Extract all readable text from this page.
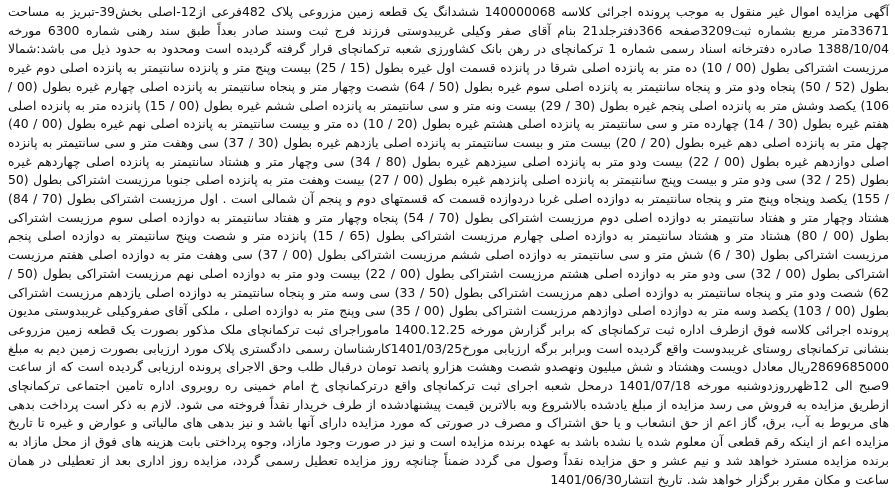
آگهی مزایده اموال غیر منقول به موجب پرونده اجرائی کلاسه 140000068 ششدانگ یک قطعه زمین مزروعی پلاک 482فرعی از12-اصلی بخش39-تبریز به مساحت 33671متر مربع بشماره ثبت3209صفحه 366دفترجلد21 بنام آقای صفر وکیلی غریبدوستی فرزند فرج ثبت وسند صادر بعداً طبق سند رهنی شماره 6300 مورخه 1388/10/04 صادره دفترخانه اسناد رسمی شماره 1 ترکمانچای در رهن بانک کشاورزی شعبه ترکمانچای قرار گرفته گردیده است ومحدود به حدود ذیل می باشد:شمالا مرزیست اشتراکی بطول (00 / 10) ده متر به پانزده اصلی شرقا در پانزده قسمت اول غیره بطول (15 / 25) بیست وپنج متر و پانزده سانتیمتر به پانزده اصلی دوم غیره بطول (52 / 50) پنجاه ودو متر و پنجاه سانتیمتر به پانزده اصلی سوم غیره بطول (50 / 64) شصت وچهار متر و پنجاه سانتیمتر به پانزده اصلی چهارم غیره بطول (00 / 106) یکصد وشش متر به پانزده اصلی پنجم غیره بطول (30 / 29) بیست ونه متر و سی سانتیمتر به پانزده اصلی ششم غیره بطول (00 / 15) پانزده متر به پانزده اصلی هفتم غیره بطول (30 / 14) چهارده متر و سی سانتیمتر به پانزده اصلی هشتم غیره بطول (20 / 10) ده متر و بیست سانتیمتر به پانزده اصلی نهم غیره بطول (00 / 40) چهل متر به پانزده اصلی دهم غیره بطول (20 / 20) بیست متر و بیست سانتیمتر به پانزده اصلی یازدهم غیره بطول (30 / 37) سی وهفت متر و سی سانتیمتر به پانزده اصلی دوازدهم غیره بطول (00 / 22) بیست ودو متر به پانزده اصلی سیزدهم غیره بطول (80 / 34) سی وچهار متر و هشتاد سانتیمتر به پانزده اصلی چهاردهم غیره بطول (25 / 32) سی ودو متر و بیست وپنج سانتیمتر به پانزده اصلی پانزدهم غیره بطول (00 / 27) بیست وهفت متر به پانزده اصلی جنوبا مرزیست اشتراکی بطول (50 / 155) یکصد وپنجاه وپنج متر و پنجاه سانتیمتر به دوازده اصلی غربا دردوازده قسمت که قسمتهای دوم و پنجم آن شمالی است . اول مرزیست اشتراکی بطول (70 / 84) هشتاد وچهار متر و هفتاد سانتیمتر به دوازده اصلی دوم مرزیست اشتراکی بطول (70 / 54) پنجاه وچهار متر و هفتاد سانتیمتر به دوازده اصلی سوم مرزیست اشتراکی بطول (00 / 80) هشتاد متر و هشتاد سانتیمتر به دوازده اصلی چهارم مرزیست اشتراکی بطول (65 / 15) پانزده متر و شصت وپنج سانتیمتر به دوازده اصلی پنجم مرزیست اشتراکی بطول (30 / 6) شش متر و سی سانتیمتر به دوازده اصلی ششم مرزیست اشتراکی بطول (00 / 37) سی وهفت متر به دوازده اصلی هفتم مرزیست اشتراکی بطول (00 / 32) سی ودو متر به دوازده اصلی هشتم مرزیست اشتراکی بطول (00 / 22) بیست ودو متر به دوازده اصلی نهم مرزیست اشتراکی بطول (50 / 62) شصت ودو متر و پنجاه سانتیمتر به دوازده اصلی دهم مرزیست اشتراکی بطول (50 / 33) سی وسه متر و پنجاه سانتیمتر به دوازده اصلی یازدهم مرزیست اشتراکی بطول (00 / 103) یکصد وسه متر به دوازده اصلی دوازدهم مرزیست اشتراکی بطول (00 / 35) سی وپنج متر به دوازده اصلی ، ملکی آقای صفروکیلی غریبدوستی مدیون پرونده اجرائی کلاسه فوق ازطرف اداره ثبت ترکمانچای که برابر گزارش مورخه 1400.12.25 ماموراجرای ثبت ترکمانچای ملک مذکور بصورت یک قطعه زمین مزروعی بنشانی ترکمانچای روستای غریبدوست واقع گردیده است وبرابر برگه ارزیابی مورخ1401/03/25کارشناسان رسمی دادگستری پلاک مورد ارزیابی بصورت زمین دیم به مبلغ 2869685000ریال معادل دویست وهشتاد و شش میلیون ونهصدو شصت وهشت هزارو پانصد تومان درقبال طلب وحق الاجرای پرونده ارزیابی گردیده است که از ساعت 9صبح الی 12ظهرروزدوشنبه مورخه 1401/07/18 درمحل شعبه اجرای ثبت ترکمانچای واقع درترکمانچای خ امام خمینی ره روبروی اداره تامین اجتماعی ترکمانچای ازطریق مزایده به فروش می رسد مزایده از مبلغ یادشده بالاشروع وبه بالاترین قیمت پیشنهادشده از طرف خریدار نقداً فروخته می شود. لازم به ذکر است پرداخت بدهی های مربوط به آب، برق، گاز اعم از حق انشعاب و یا حق اشتراک و مصرف در صورتی که مورد مزایده دارای آنها باشد و نیز بدهی های مالیاتی و عوارض و غیره تا تاریخ مزایده اعم از اینکه رقم قطعی آن معلوم شده یا نشده باشد به عهده برنده مزایده است و نیز در صورت وجود مازاد، وجوه پرداختی بابت هزینه های فوق از محل مازاد به برنده مزایده مسترد خواهد شد و نیم عشر و حق مزایده نقداً وصول می گردد ضمناً چنانچه روز مزایده تعطیل رسمی گردد، مزایده روز اداری بعد از تعطیلی در همان ساعت و مکان مقرر برگزار خواهد شد. تاریخ انتشار1401/06/30
